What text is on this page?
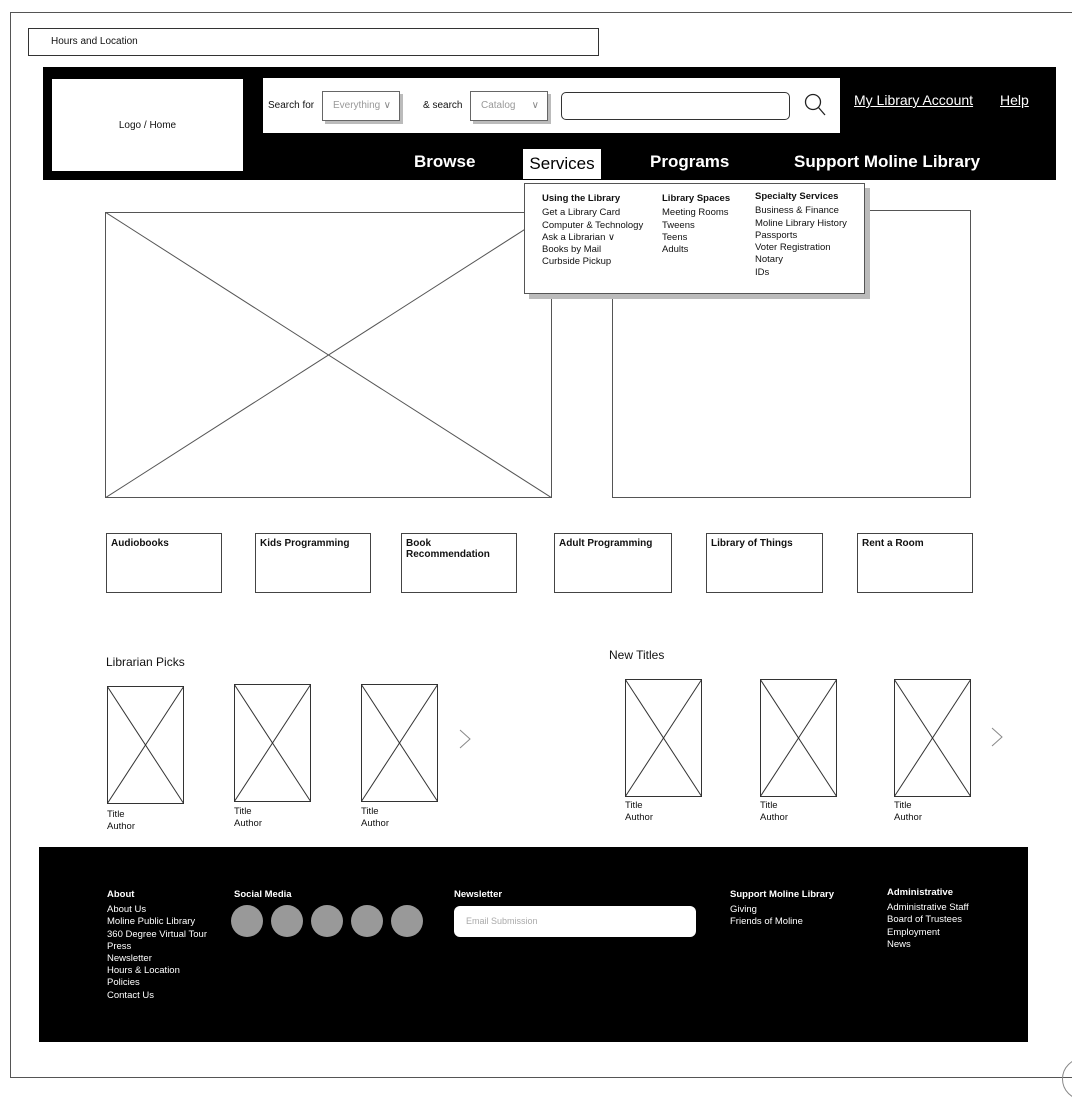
Hours and Location
Logo / Home
Search for	Everything ∨	& search	Catalog ∨	My Library Account Help
Browse	Services	Programs	Support Moline Library
Using the Library
Get a Library Card
Computer & Technology
Ask a Librarian ∨
Books by Mail
Curbside Pickup
Library Spaces
Meeting Rooms
Tweens
Teens
Adults
Specialty Services
Business & Finance
Moline Library History
Passports
Voter Registration
Notary
IDs
Audiobooks	Kids Programming	Book Recommendation
Adult Programming	Library of Things	Rent a Room
Librarian Picks	New Titles
Title
Author
Title
Author
Title
Author
Title
Author
Title
Author
Title
Author
About
About Us
Moline Public Library
360 Degree Virtual Tour
Press
Newsletter
Hours & Location
Policies
Contact Us
Social Media	Newsletter
Email Submission
Support Moline Library
Giving
Friends of Moline
Administrative
Administrative Staff
Board of Trustees
Employment
News
